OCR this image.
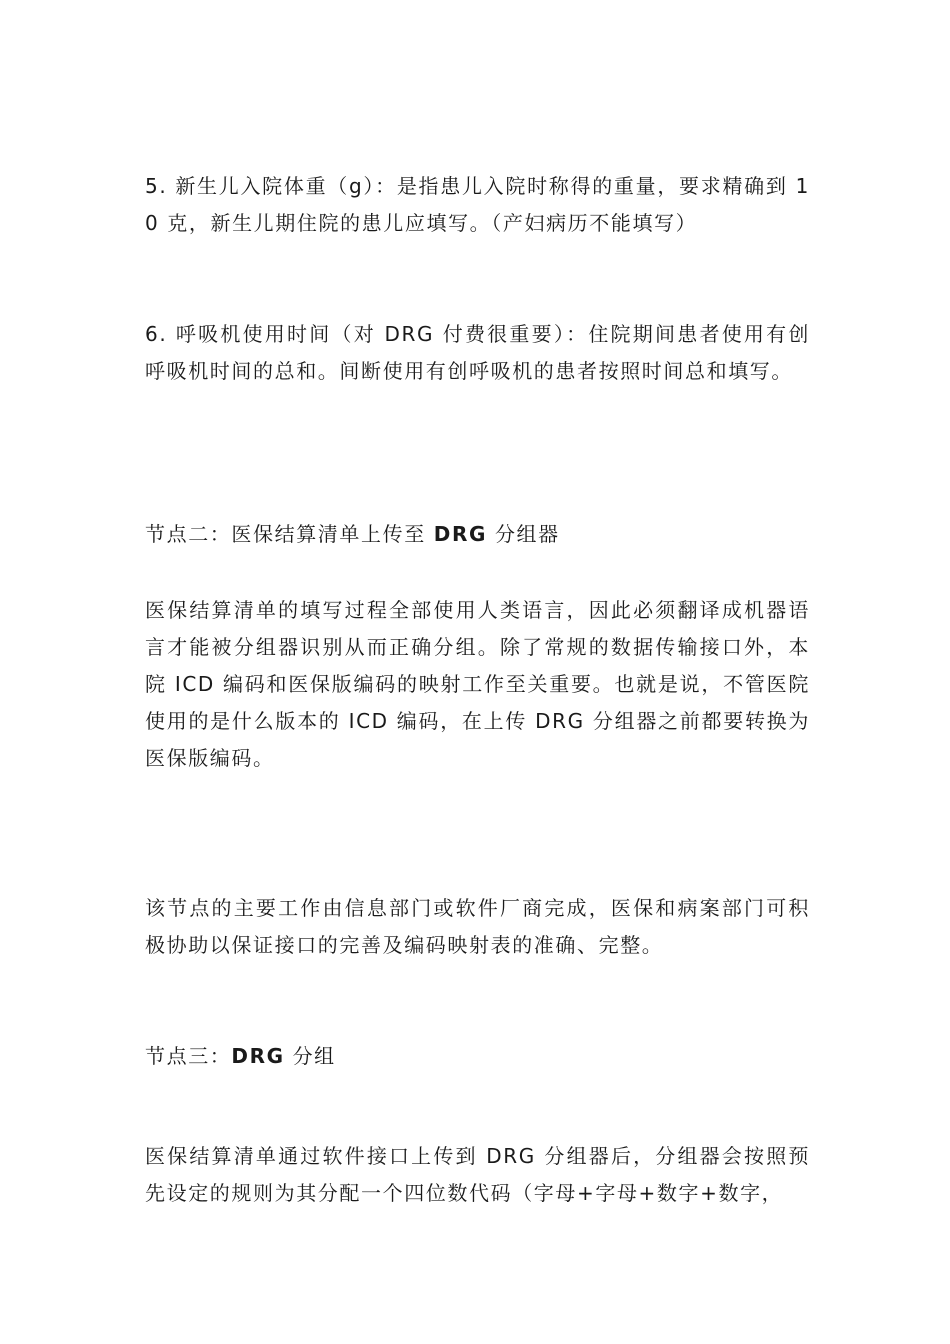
5. 新生儿入院体重（g）：是指患儿入院时称得的重量，要求精确到 10 克，新生儿期住院的患儿应填写。（产妇病历不能填写）

6. 呼吸机使用时间（对 DRG 付费很重要）：住院期间患者使用有创呼吸机时间的总和。间断使用有创呼吸机的患者按照时间总和填写。

节点二：医保结算清单上传至 DRG 分组器

医保结算清单的填写过程全部使用人类语言，因此必须翻译成机器语言才能被分组器识别从而正确分组。除了常规的数据传输接口外，本院 ICD 编码和医保版编码的映射工作至关重要。也就是说，不管医院使用的是什么版本的 ICD 编码，在上传 DRG 分组器之前都要转换为医保版编码。

该节点的主要工作由信息部门或软件厂商完成，医保和病案部门可积极协助以保证接口的完善及编码映射表的准确、完整。

节点三：DRG 分组

医保结算清单通过软件接口上传到 DRG 分组器后，分组器会按照预先设定的规则为其分配一个四位数代码（字母+字母+数字+数字，
